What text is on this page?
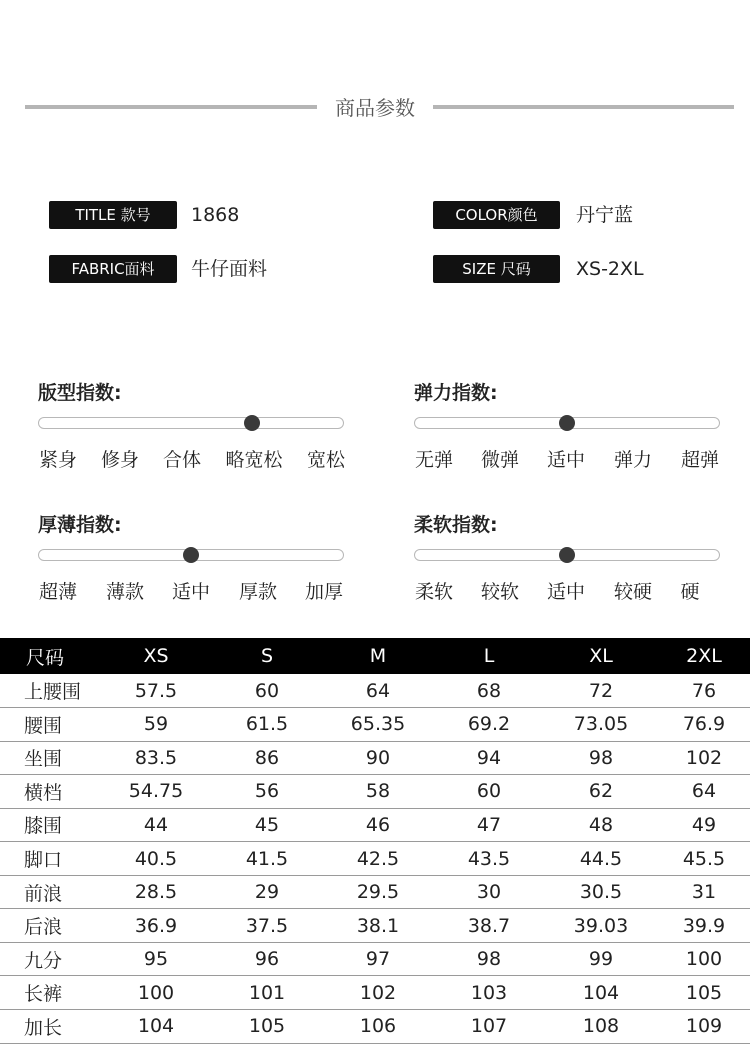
商品参数
TITLE 款号	1868
FABRIC面料	牛仔面料
COLOR颜色	丹宁蓝
SIZE 尺码	XS-2XL
版型指数:
紧身 修身 合体 略宽松 宽松
弹力指数:
无弹 微弹 适中 弹力 超弹
厚薄指数:
超薄 薄款 适中 厚款 加厚
柔软指数:
柔软 较软 适中 较硬 硬
尺码	XS	S	M	L	XL	2XL
上腰围	57.5	60	64	68	72	76
腰围	59	61.5	65.35	69.2	73.05	76.9
坐围	83.5	86	90	94	98	102
横档	54.75	56	58	60	62	64
膝围	44	45	46	47	48	49
脚口	40.5	41.5	42.5	43.5	44.5	45.5
前浪	28.5	29	29.5	30	30.5	31
后浪	36.9	37.5	38.1	38.7	39.03	39.9
九分	95	96	97	98	99	100
长裤	100	101	102	103	104	105
加长	104	105	106	107	108	109
